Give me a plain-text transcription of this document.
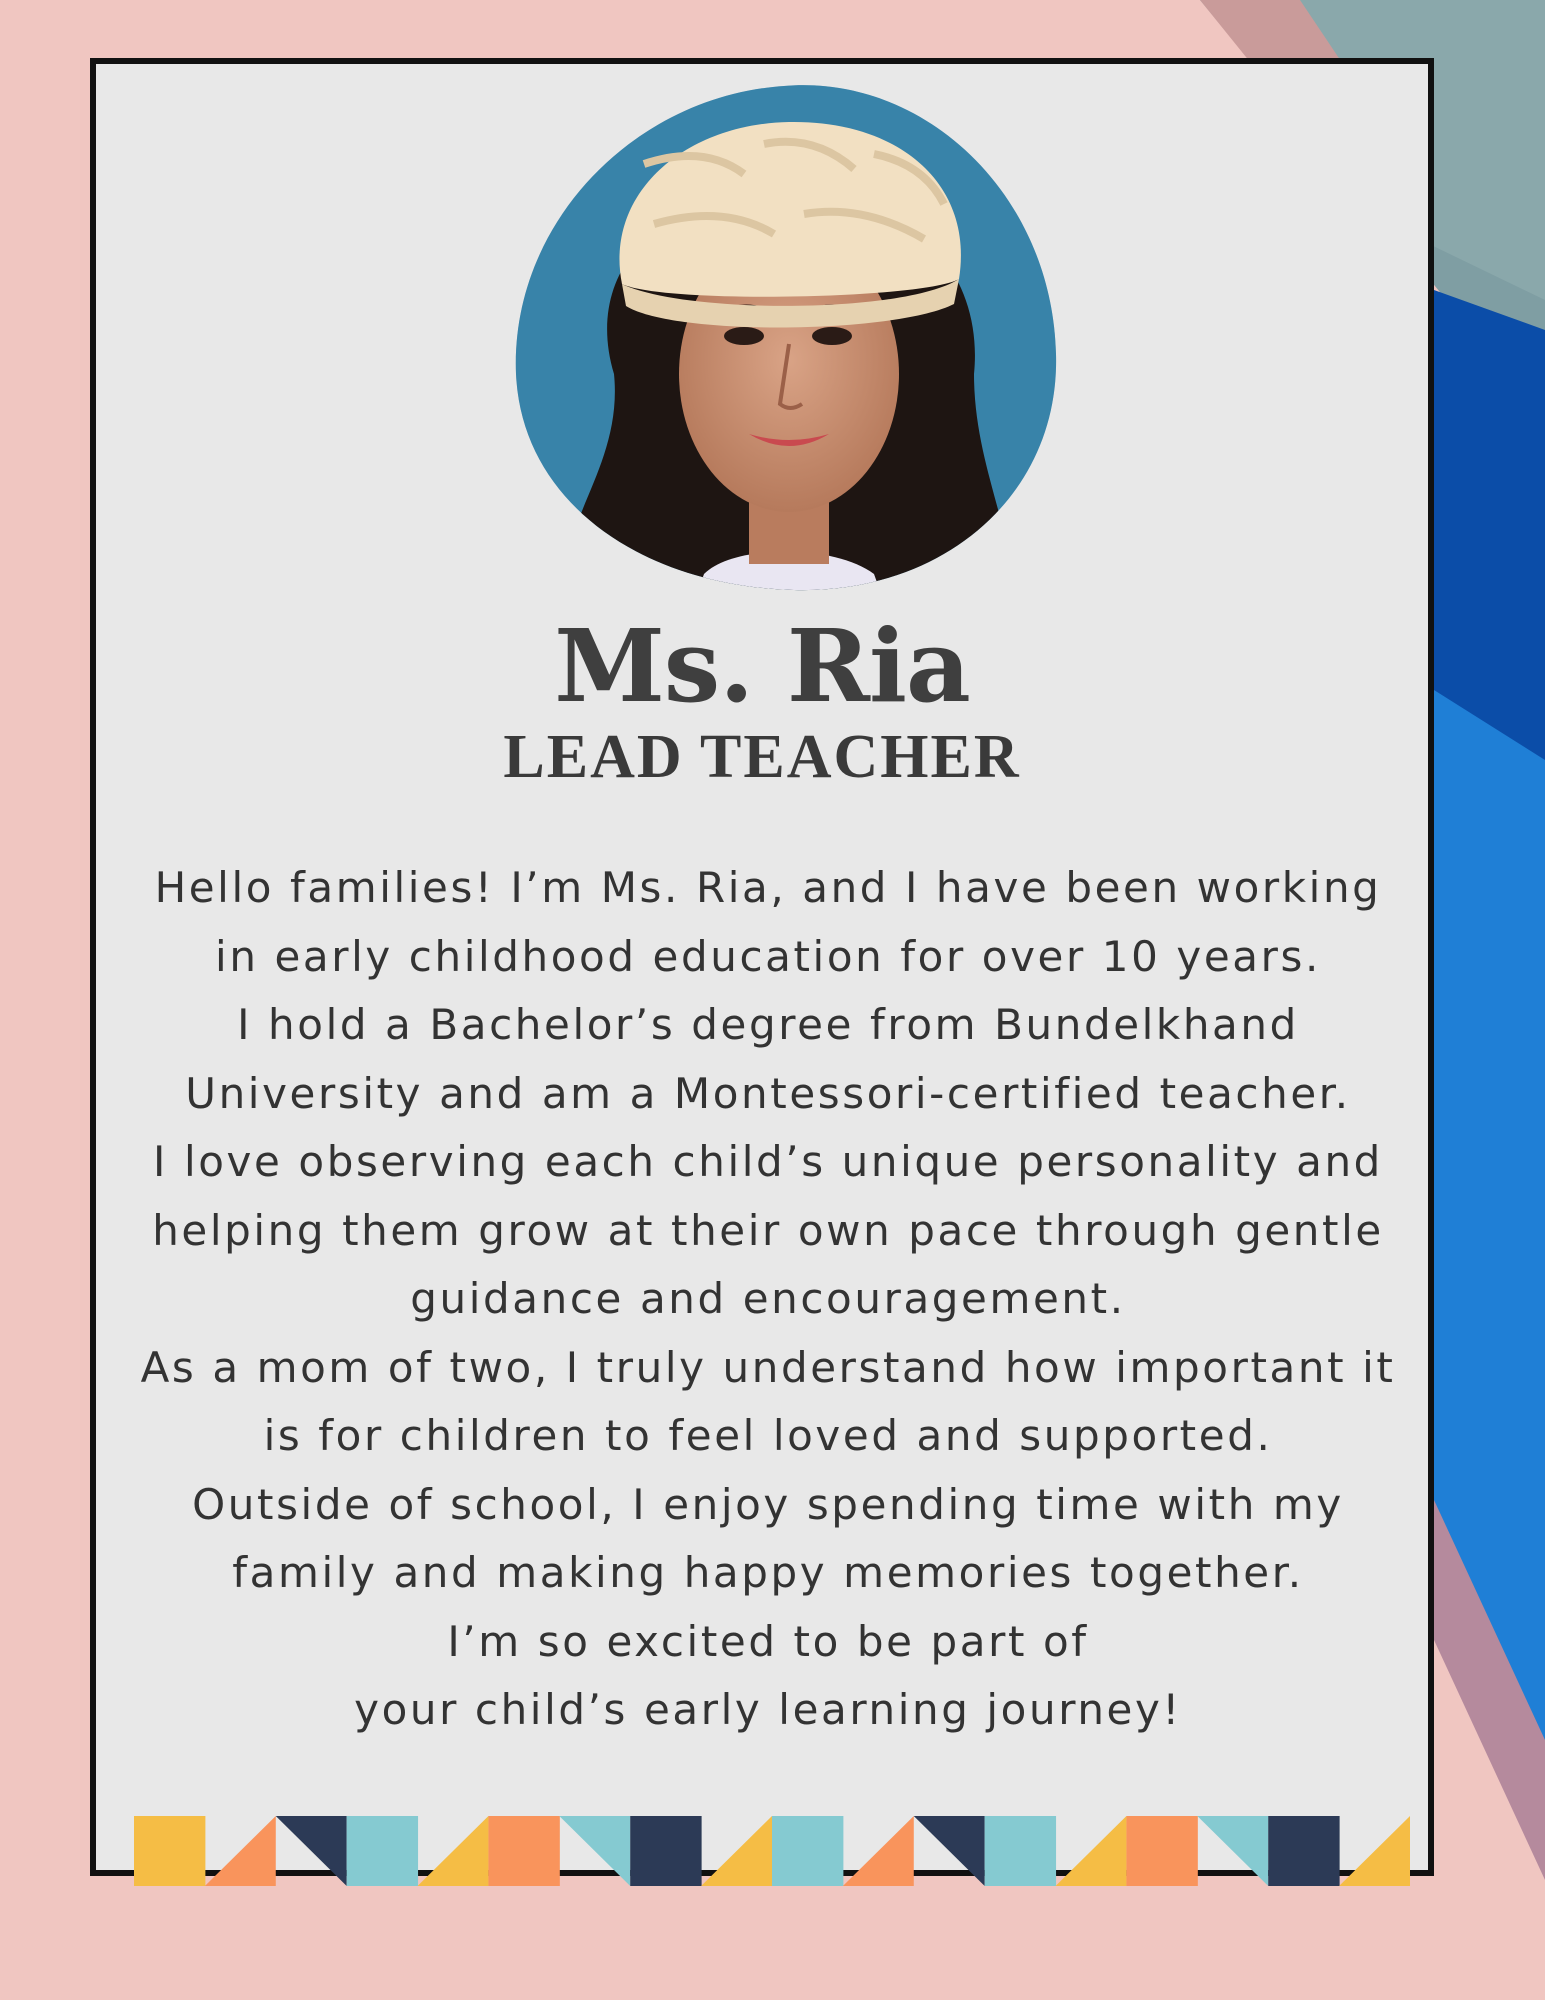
Ms. Ria
LEAD TEACHER
Hello families! I’m Ms. Ria, and I have been working
in early childhood education for over 10 years.
I hold a Bachelor’s degree from Bundelkhand
University and am a Montessori-certified teacher.
I love observing each child’s unique personality and
helping them grow at their own pace through gentle
guidance and encouragement.
As a mom of two, I truly understand how important it
is for children to feel loved and supported.
Outside of school, I enjoy spending time with my
family and making happy memories together.
I’m so excited to be part of
your child’s early learning journey!
